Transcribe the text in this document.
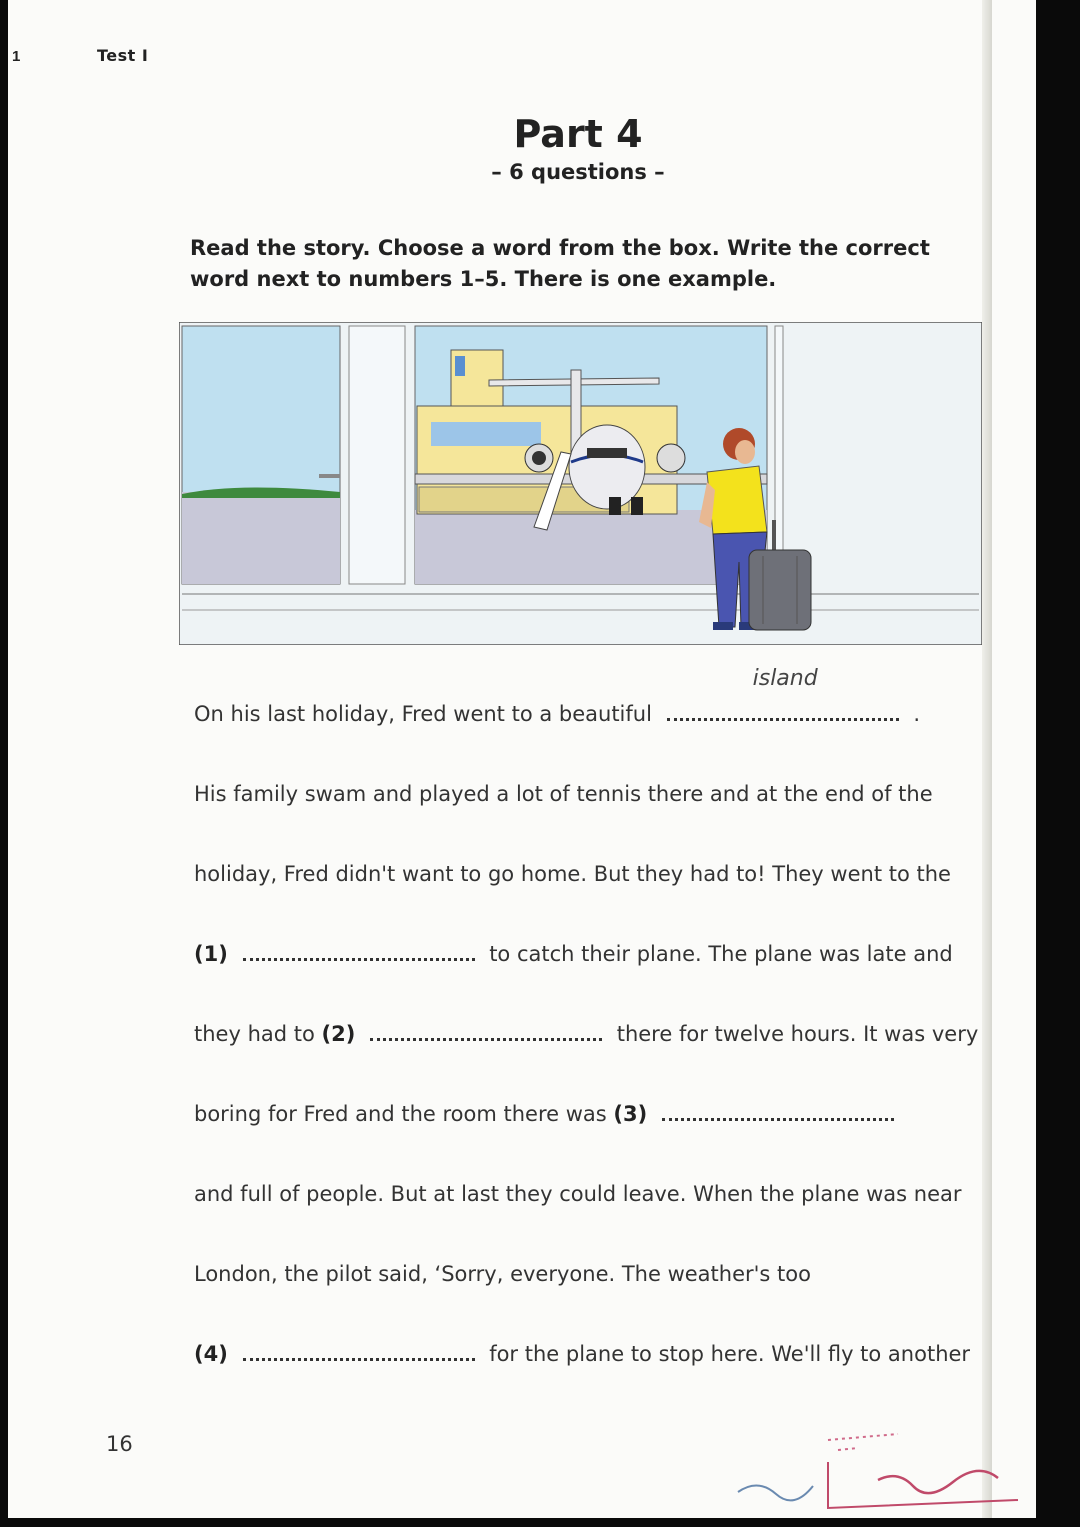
1	Test I
Part 4
– 6 questions –
Read the story. Choose a word from the box. Write the correct word next to numbers 1–5. There is one example.
On his last holiday, Fred went to a beautiful
island
.
His family swam and played a lot of tennis there and at the end of the
holiday, Fred didn't want to go home. But they had to! They went to the
(1)	to catch their plane. The plane was late and
they had to (2)	there for twelve hours. It was very
boring for Fred and the room there was (3)
and full of people. But at last they could leave. When the plane was near
London, the pilot said, ‘Sorry, everyone. The weather's too
(4)	for the plane to stop here. We'll fly to another
16
